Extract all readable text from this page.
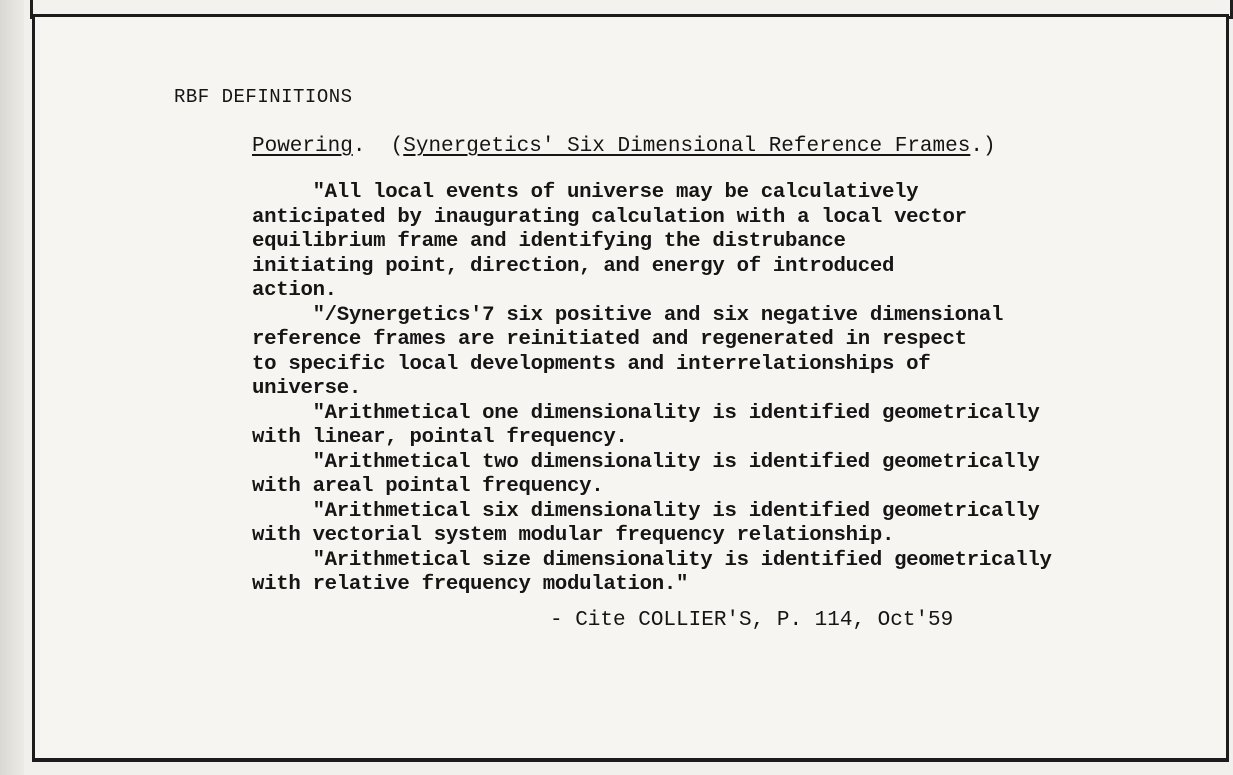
RBF DEFINITIONS
Powering.  (Synergetics' Six Dimensional Reference Frames.)
"All local events of universe may be calculatively
anticipated by inaugurating calculation with a local vector
equilibrium frame and identifying the distrubance
initiating point, direction, and energy of introduced
action.
"/Synergetics'7 six positive and six negative dimensional
reference frames are reinitiated and regenerated in respect
to specific local developments and interrelationships of
universe.
"Arithmetical one dimensionality is identified geometrically
with linear, pointal frequency.
"Arithmetical two dimensionality is identified geometrically
with areal pointal frequency.
"Arithmetical six dimensionality is identified geometrically
with vectorial system modular frequency relationship.
"Arithmetical size dimensionality is identified geometrically
with relative frequency modulation."
- Cite COLLIER'S, P. 114, Oct'59
